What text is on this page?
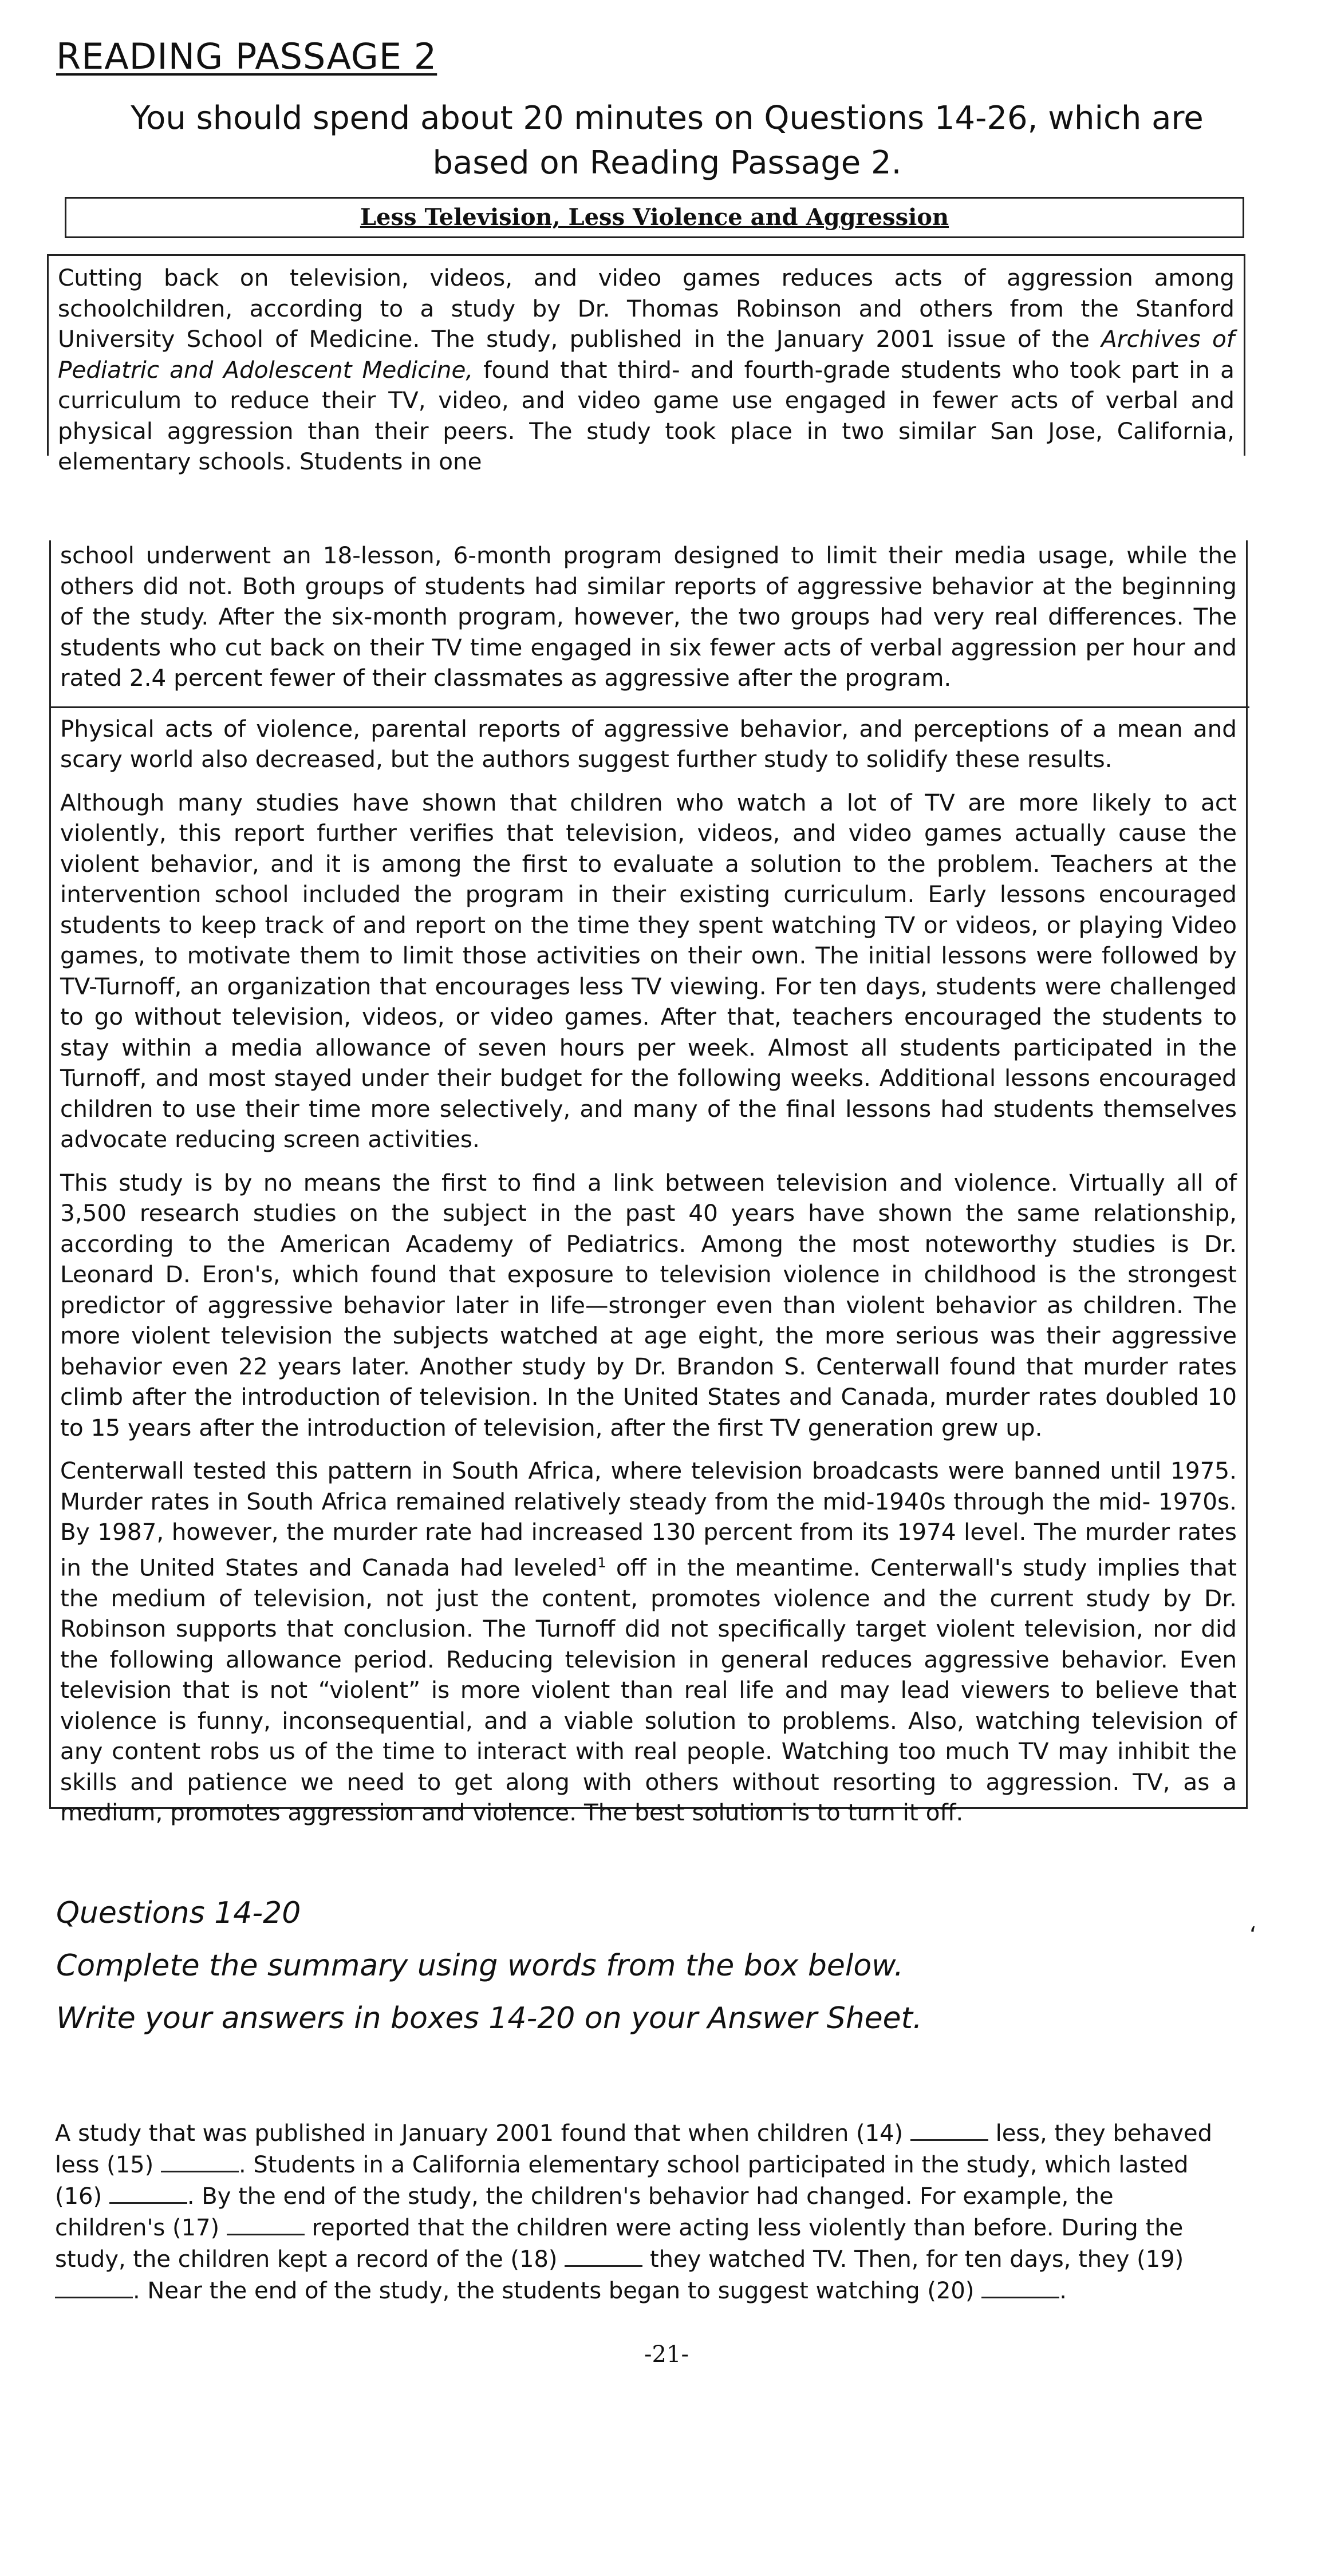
READING PASSAGE 2
You should spend about 20 minutes on Questions 14-26, which are based on Reading Passage 2.
Less Television, Less Violence and Aggression
Cutting back on television, videos, and video games reduces acts of aggression among schoolchildren, according to a study by Dr. Thomas Robinson and others from the Stanford University School of Medicine. The study, published in the January 2001 issue of the Archives of Pediatric and Adolescent Medicine, found that third- and fourth-grade students who took part in a curriculum to reduce their TV, video, and video game use engaged in fewer acts of verbal and physical aggression than their peers. The study took place in two similar San Jose, California, elementary schools. Students in one
school underwent an 18-lesson, 6-month program designed to limit their media usage, while the others did not. Both groups of students had similar reports of aggressive behavior at the beginning of the study. After the six-month program, however, the two groups had very real differences. The students who cut back on their TV time engaged in six fewer acts of verbal aggression per hour and rated 2.4 percent fewer of their classmates as aggressive after the program.
Physical acts of violence, parental reports of aggressive behavior, and perceptions of a mean and scary world also decreased, but the authors suggest further study to solidify these results.
Although many studies have shown that children who watch a lot of TV are more likely to act violently, this report further verifies that television, videos, and video games actually cause the violent behavior, and it is among the first to evaluate a solution to the problem. Teachers at the intervention school included the program in their existing curriculum. Early lessons encouraged students to keep track of and report on the time they spent watching TV or videos, or playing Video games, to motivate them to limit those activities on their own. The initial lessons were followed by TV-Turnoff, an organization that encourages less TV viewing. For ten days, students were challenged to go without television, videos, or video games. After that, teachers encouraged the students to stay within a media allowance of seven hours per week. Almost all students participated in the Turnoff, and most stayed under their budget for the following weeks. Additional lessons encouraged children to use their time more selectively, and many of the final lessons had students themselves advocate reducing screen activities.
This study is by no means the first to find a link between television and violence. Virtually all of 3,500 research studies on the subject in the past 40 years have shown the same relationship, according to the American Academy of Pediatrics. Among the most noteworthy studies is Dr. Leonard D. Eron's, which found that exposure to television violence in childhood is the strongest predictor of aggressive behavior later in life—stronger even than violent behavior as children. The more violent television the subjects watched at age eight, the more serious was their aggressive behavior even 22 years later. Another study by Dr. Brandon S. Centerwall found that murder rates climb after the introduction of television. In the United States and Canada, murder rates doubled 10 to 15 years after the introduction of television, after the first TV generation grew up.
Centerwall tested this pattern in South Africa, where television broadcasts were banned until 1975. Murder rates in South Africa remained relatively steady from the mid-1940s through the mid- 1970s. By 1987, however, the murder rate had increased 130 percent from its 1974 level. The murder rates in the United States and Canada had leveled$^1$ off in the meantime. Centerwall's study implies that the medium of television, not just the content, promotes violence and the current study by Dr. Robinson supports that conclusion. The Turnoff did not specifically target violent television, nor did the following allowance period. Reducing television in general reduces aggressive behavior. Even television that is not “violent” is more violent than real life and may lead viewers to believe that violence is funny, inconsequential, and a viable solution to problems. Also, watching television of any content robs us of the time to interact with real people. Watching too much TV may inhibit the skills and patience we need to get along with others without resorting to aggression. TV, as a medium, promotes aggression and violence. The best solution is to turn it off.
Questions 14-20
Complete the summary using words from the box below.
Write your answers in boxes 14-20 on your Answer Sheet.
‘
A study that was published in January 2001 found that when children (14)	less, they behaved less (15)	. Students in a California elementary school participated in the study, which lasted (16)	. By the end of the study, the children's behavior had changed. For example, the children's (17)	reported that the children were acting less violently than before. During the study, the children kept a record of the (18)	they watched TV. Then, for ten days, they (19) . Near the end of the study, the students began to suggest watching (20)	.
-21-
